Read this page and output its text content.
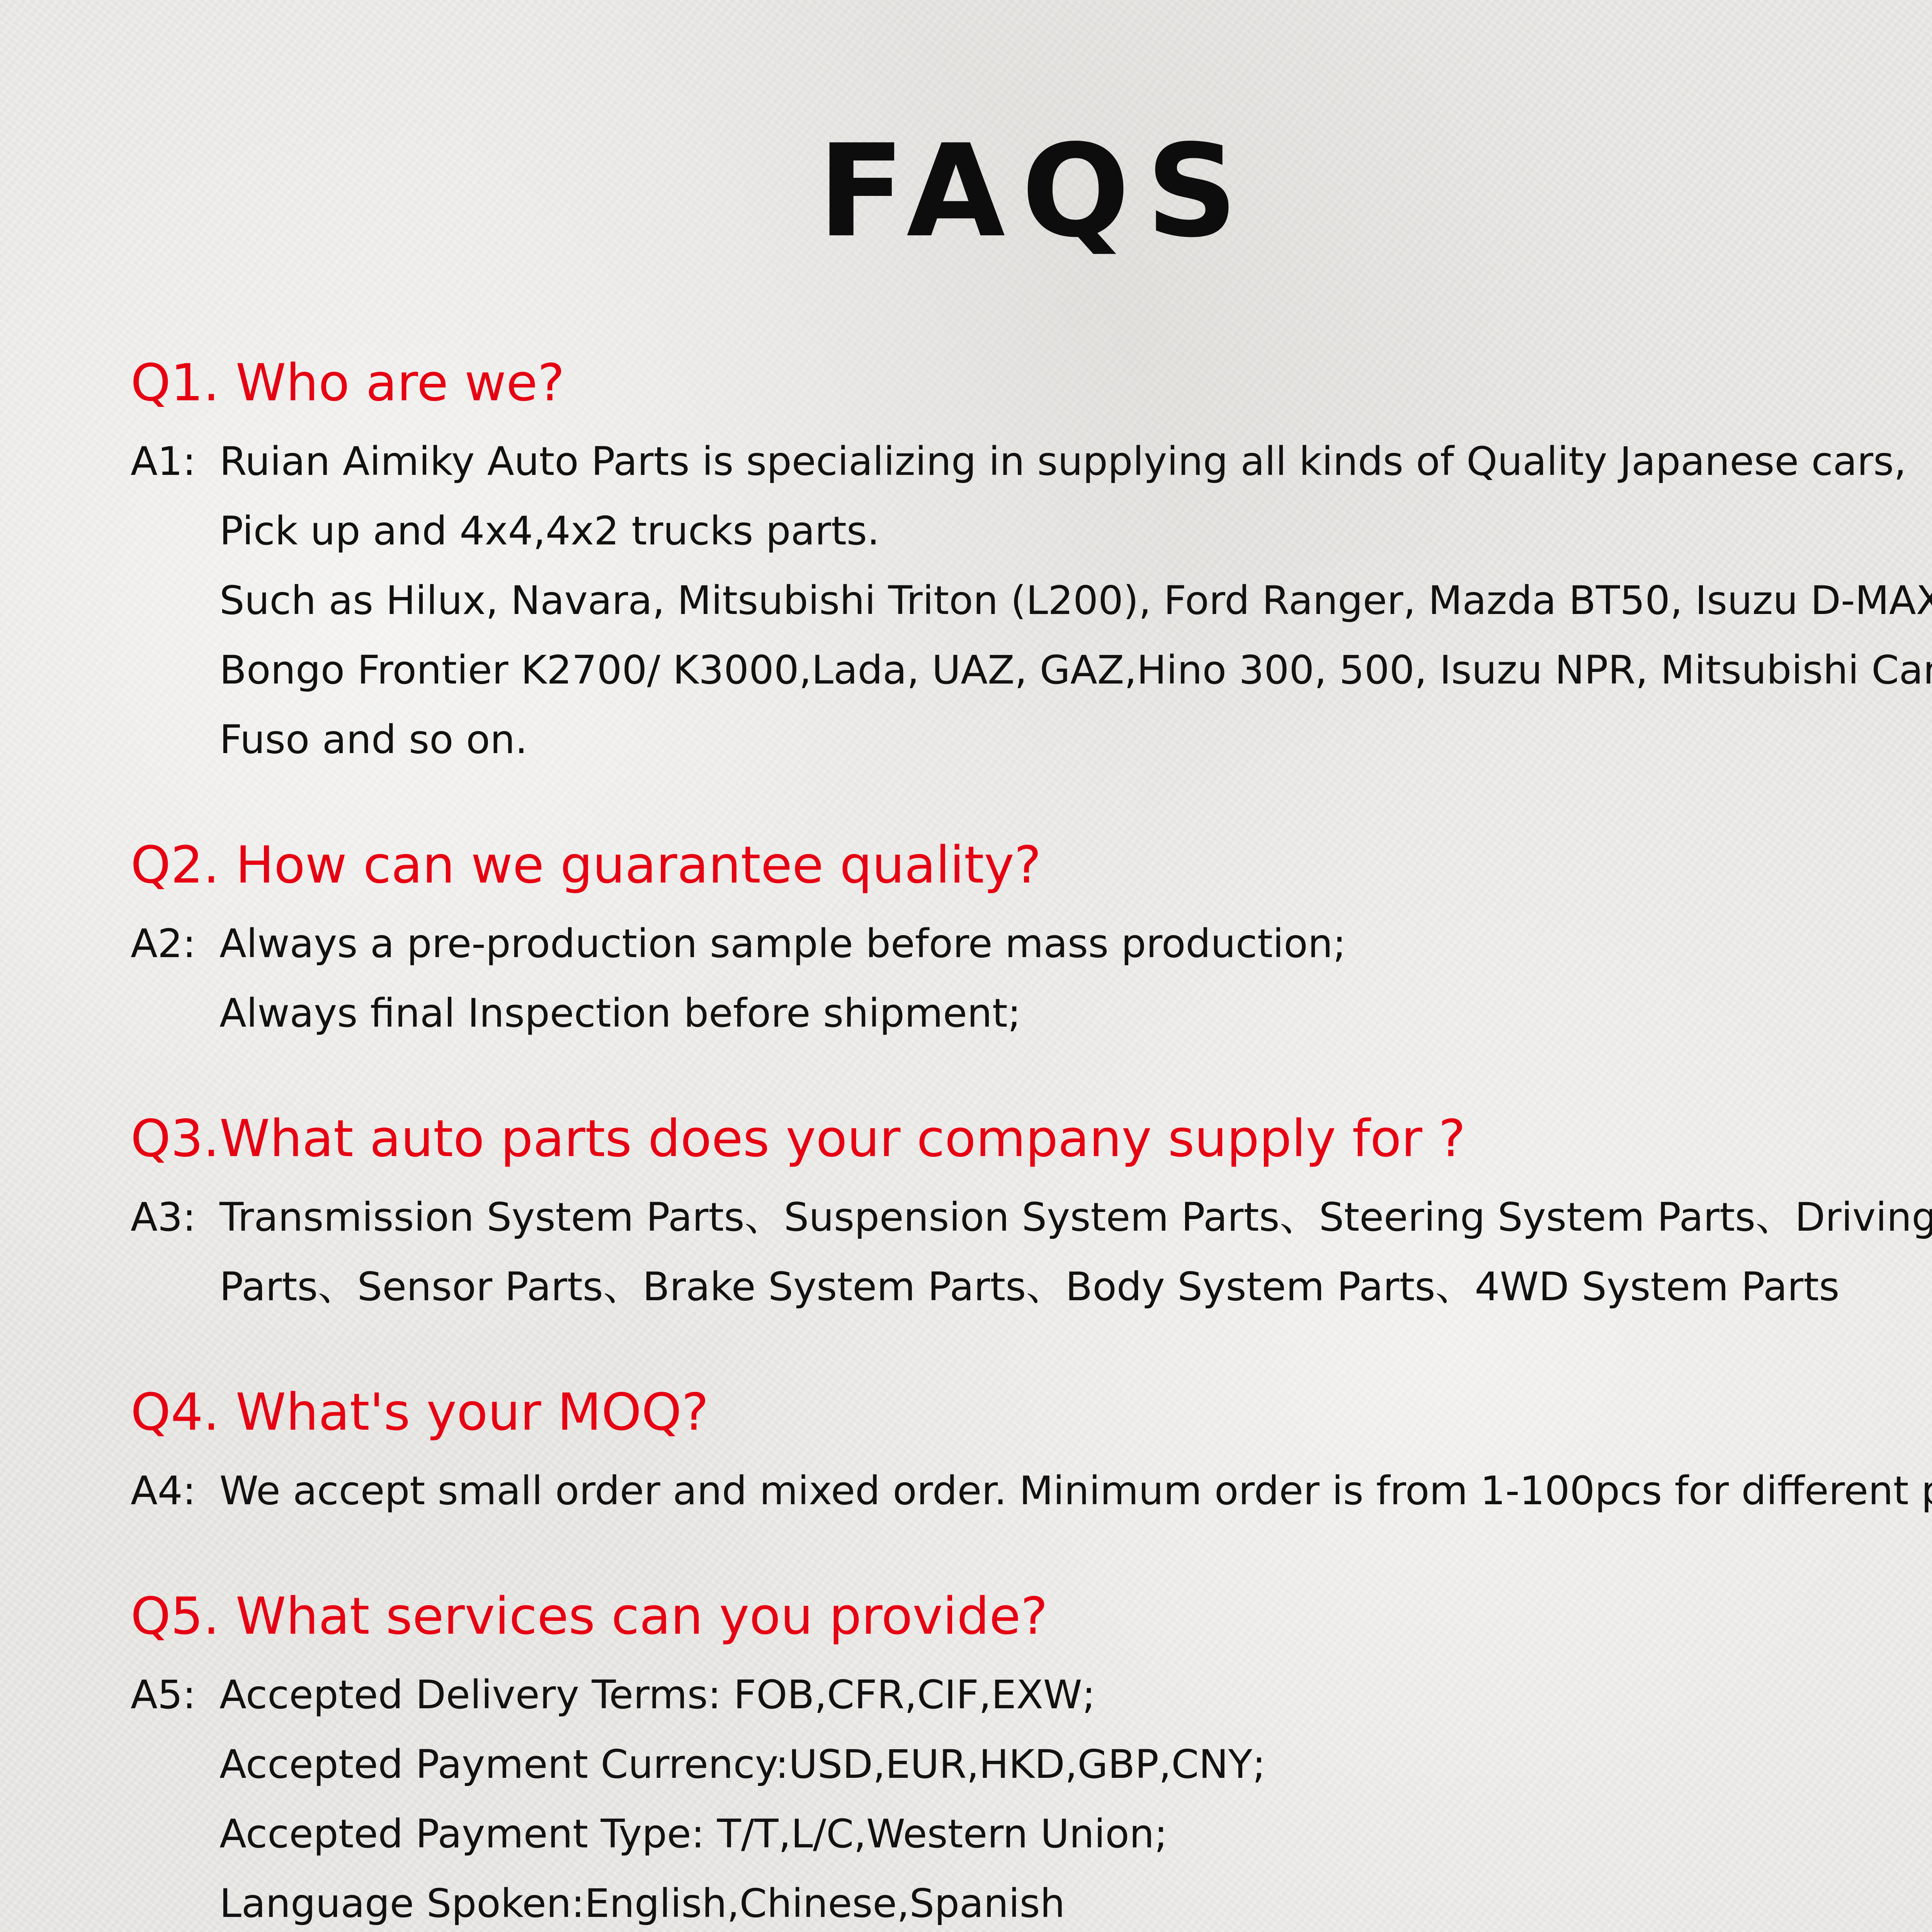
FAQS
Q1. Who are we?
A1: Ruian Aimiky Auto Parts is specializing in supplying all kinds of Quality Japanese cars,
Pick up and 4x4,4x2 trucks parts.
Such as Hilux, Navara, Mitsubishi Triton (L200), Ford Ranger, Mazda BT50, Isuzu D-MAX, Kia
Bongo Frontier K2700/ K3000,Lada, UAZ, GAZ,Hino 300, 500, Isuzu NPR, Mitsubishi Canter
Fuso and so on.
Q2. How can we guarantee quality?
A2: Always a pre-production sample before mass production;
Always final Inspection before shipment;
Q3.What auto parts does your company supply for ?
A3: Transmission System Parts、Suspension System Parts、Steering System Parts、Driving System
Parts、Sensor Parts、Brake System Parts、Body System Parts、4WD System Parts
Q4. What's your MOQ?
A4: We accept small order and mixed order. Minimum order is from 1-100pcs for different parts.
Q5. What services can you provide?
A5: Accepted Delivery Terms: FOB,CFR,CIF,EXW;
Accepted Payment Currency:USD,EUR,HKD,GBP,CNY;
Accepted Payment Type: T/T,L/C,Western Union;
Language Spoken:English,Chinese,Spanish
